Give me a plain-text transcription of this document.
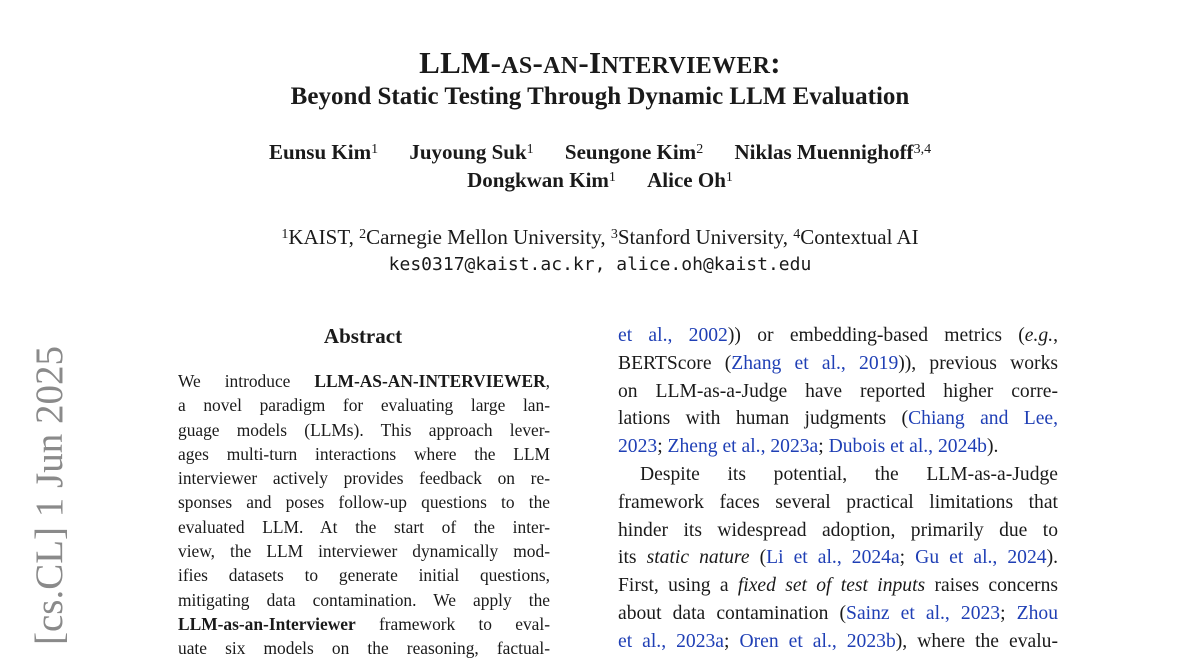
LLM-AS-AN-INTERVIEWER:
Beyond Static Testing Through Dynamic LLM Evaluation
Eunsu Kim$^1$ Juyoung Suk$^1$ Seungone Kim$^2$ Niklas Muennighoff$^{3,4}$
Dongkwan Kim$^1$ Alice Oh$^1$
$^1$KAIST, $^2$Carnegie Mellon University, $^3$Stanford University, $^4$Contextual AI
kes0317@kaist.ac.kr, alice.oh@kaist.edu
Abstract
We introduce LLM-AS-AN-INTERVIEWER,
a novel paradigm for evaluating large lan-
guage models (LLMs). This approach lever-
ages multi-turn interactions where the LLM
interviewer actively provides feedback on re-
sponses and poses follow-up questions to the
evaluated LLM. At the start of the inter-
view, the LLM interviewer dynamically mod-
ifies datasets to generate initial questions,
mitigating data contamination. We apply the
LLM-as-an-Interviewer framework to eval-
uate six models on the reasoning, factual-
et al., 2002)) or embedding-based metrics (e.g.,
BERTScore (Zhang et al., 2019)), previous works
on LLM-as-a-Judge have reported higher corre-
lations with human judgments (Chiang and Lee,
2023; Zheng et al., 2023a; Dubois et al., 2024b).
Despite its potential, the LLM-as-a-Judge
framework faces several practical limitations that
hinder its widespread adoption, primarily due to
its static nature (Li et al., 2024a; Gu et al., 2024).
First, using a fixed set of test inputs raises concerns
about data contamination (Sainz et al., 2023; Zhou
et al., 2023a; Oren et al., 2023b), where the evalu-
[cs.CL] 1 Jun 2025
